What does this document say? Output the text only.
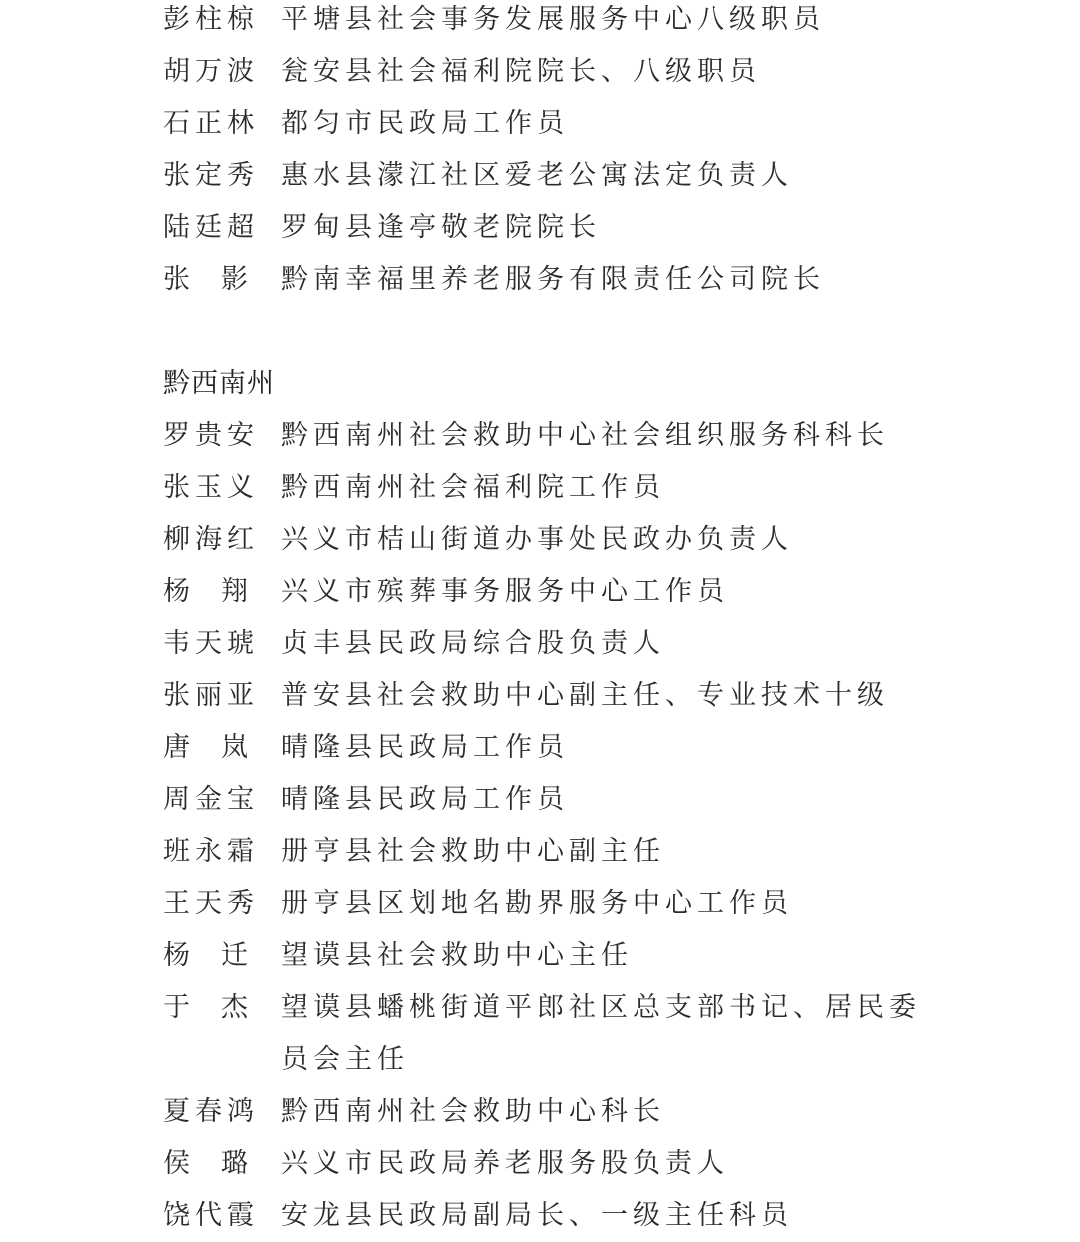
彭柱椋 平塘县社会事务发展服务中心八级职员
胡万波 瓮安县社会福利院院长、八级职员
石正林 都匀市民政局工作员
张定秀 惠水县濛江社区爱老公寓法定负责人
陆廷超 罗甸县逢亭敬老院院长
张影 黔南幸福里养老服务有限责任公司院长
黔西南州
罗贵安 黔西南州社会救助中心社会组织服务科科长
张玉义 黔西南州社会福利院工作员
柳海红 兴义市桔山街道办事处民政办负责人
杨翔 兴义市殡葬事务服务中心工作员
韦天琥 贞丰县民政局综合股负责人
张丽亚 普安县社会救助中心副主任、专业技术十级
唐岚 晴隆县民政局工作员
周金宝 晴隆县民政局工作员
班永霜 册亨县社会救助中心副主任
王天秀 册亨县区划地名勘界服务中心工作员
杨迁 望谟县社会救助中心主任
于杰 望谟县蟠桃街道平郎社区总支部书记、居民委员会主任
夏春鸿 黔西南州社会救助中心科长
侯璐 兴义市民政局养老服务股负责人
饶代霞 安龙县民政局副局长、一级主任科员
